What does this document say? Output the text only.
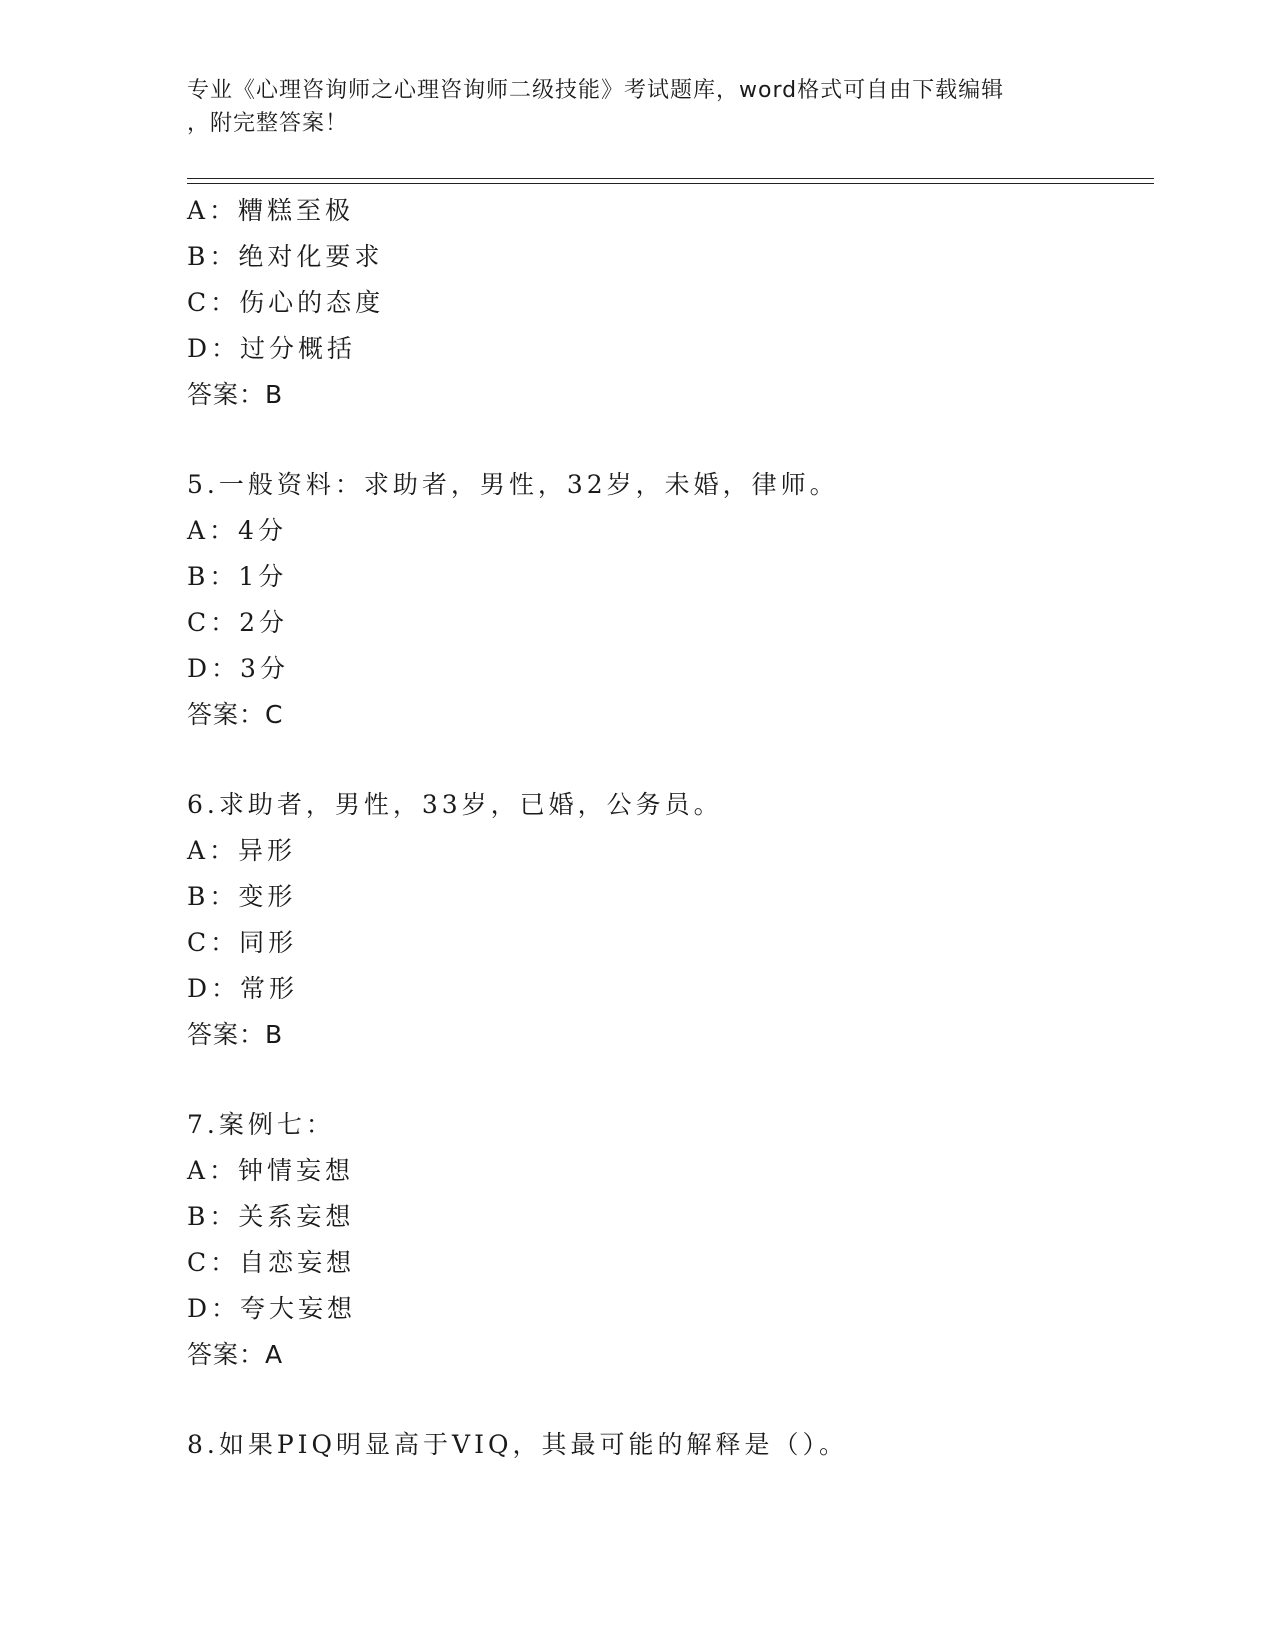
专业《心理咨询师之心理咨询师二级技能》考试题库，word格式可自由下载编辑
，附完整答案！
A：糟糕至极
B：绝对化要求
C：伤心的态度
D：过分概括
答案：B
5.一般资料：求助者，男性，32岁，未婚，律师。
A：4分
B：1分
C：2分
D：3分
答案：C
6.求助者，男性，33岁，已婚，公务员。
A：异形
B：变形
C：同形
D：常形
答案：B
7.案例七：
A：钟情妄想
B：关系妄想
C：自恋妄想
D：夸大妄想
答案：A
8.如果PIQ明显高于VIQ，其最可能的解释是（）。
